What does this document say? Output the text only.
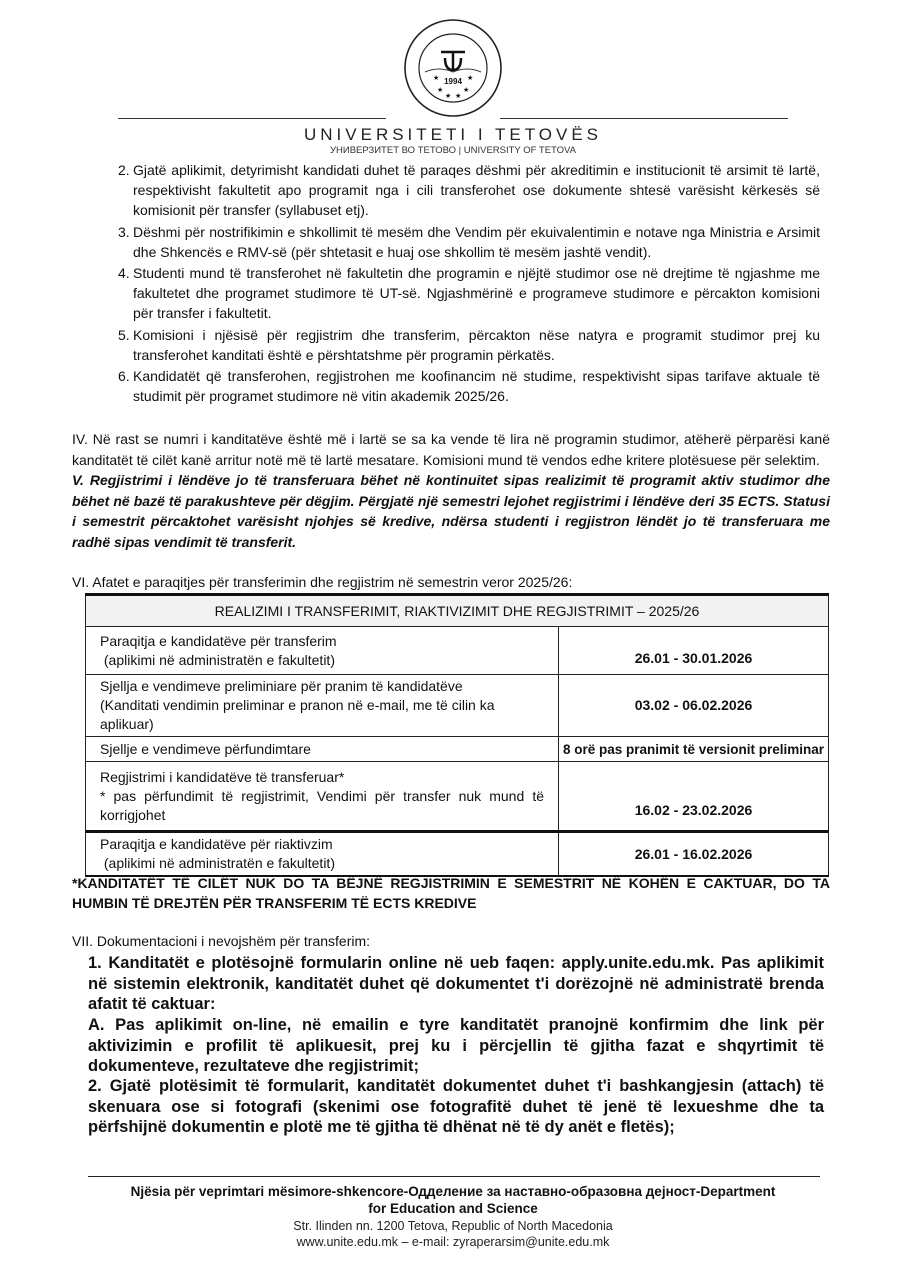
1994
★	★
★	★
★ ★
UNIVERSITETI I TETOVËS
УНИВЕРЗИТЕТ ВО ТЕТОВО | UNIVERSITY OF TETOVA
2. Gjatë aplikimit, detyrimisht kandidati duhet të paraqes dëshmi për akreditimin e institucionit të arsimit të lartë, respektivisht fakultetit apo programit nga i cili transferohet ose dokumente shtesë varësisht kërkesës së komisionit për transfer (syllabuset etj).
3. Dëshmi për nostrifikimin e shkollimit të mesëm dhe Vendim për ekuivalentimin e notave nga Ministria e Arsimit dhe Shkencës e RMV-së (për shtetasit e huaj ose shkollim të mesëm jashtë vendit).
4. Studenti mund të transferohet në fakultetin dhe programin e njëjtë studimor ose në drejtime të ngjashme me fakultetet dhe programet studimore të UT-së. Ngjashmërinë e programeve studimore e përcakton komisioni për transfer i fakultetit.
5. Komisioni i njësisë për regjistrim dhe transferim, përcakton nëse natyra e programit studimor prej ku transferohet kanditati është e përshtatshme për programin përkatës.
6. Kandidatët që transferohen, regjistrohen me koofinancim në studime, respektivisht sipas tarifave aktuale të studimit për programet studimore në vitin akademik 2025/26.
IV. Në rast se numri i kanditatëve është më i lartë se sa ka vende të lira në programin studimor, atëherë përparësi kanë kanditatët të cilët kanë arritur notë më të lartë mesatare. Komisioni mund të vendos edhe kritere plotësuese për selektim.
V. Regjistrimi i lëndëve jo të transferuara bëhet në kontinuitet sipas realizimit të programit aktiv studimor dhe bëhet në bazë të parakushteve për dëgjim. Përgjatë një semestri lejohet regjistrimi i lëndëve deri 35 ECTS. Statusi i semestrit përcaktohet varësisht njohjes së kredive, ndërsa studenti i regjistron lëndët jo të transferuara me radhë sipas vendimit të transferit.
VI. Afatet e paraqitjes për transferimin dhe regjistrim në semestrin veror 2025/26:
REALIZIMI I TRANSFERIMIT, RIAKTIVIZIMIT DHE REGJISTRIMIT – 2025/26	

Paraqitja e kandidatëve për transferim
(aplikimi në administratën e fakultetit)	26.01 - 30.01.2026

Sjellja e vendimeve preliminiare për pranim të kandidatëve
(Kanditati vendimin preliminar e pranon në e-mail, me të cilin ka aplikuar)	03.02 - 06.02.2026

Sjellje e vendimeve përfundimtare	8 orë pas pranimit të versionit preliminar

Regjistrimi i kandidatëve të transferuar*
* pas përfundimit të regjistrimit, Vendimi për transfer nuk mund të korrigjohet	16.02 - 23.02.2026

Paraqitja e kandidatëve për riaktivzim
(aplikimi në administratën e fakultetit)	26.01 - 16.02.2026
*KANDITATËT TË CILËT NUK DO TA BËJNË REGJISTRIMIN E SEMESTRIT NË KOHËN E CAKTUAR, DO TA HUMBIN TË DREJTËN PËR TRANSFERIM TË ECTS KREDIVE
VII. Dokumentacioni i nevojshëm për transferim:
1. Kanditatët e plotësojnë formularin online në ueb faqen: apply.unite.edu.mk. Pas aplikimit në sistemin elektronik, kanditatët duhet që dokumentet t'i dorëzojnë në administratë brenda afatit të caktuar:
A. Pas aplikimit on-line, në emailin e tyre kanditatët pranojnë konfirmim dhe link për aktivizimin e profilit të aplikuesit, prej ku i përcjellin të gjitha fazat e shqyrtimit të dokumenteve, rezultateve dhe regjistrimit;
2. Gjatë plotësimit të formularit, kanditatët dokumentet duhet t'i bashkangjesin (attach) të skenuara ose si fotografi (skenimi ose fotografitë duhet të jenë të lexueshme dhe ta përfshijnë dokumentin e plotë me të gjitha të dhënat në të dy anët e fletës);
Njësia për veprimtari mësimore-shkencore-Одделение за наставно-образовна дејност-Department
for Education and Science
Str. Ilinden nn. 1200 Tetova, Republic of North Macedonia
www.unite.edu.mk – e-mail: zyraperarsim@unite.edu.mk
